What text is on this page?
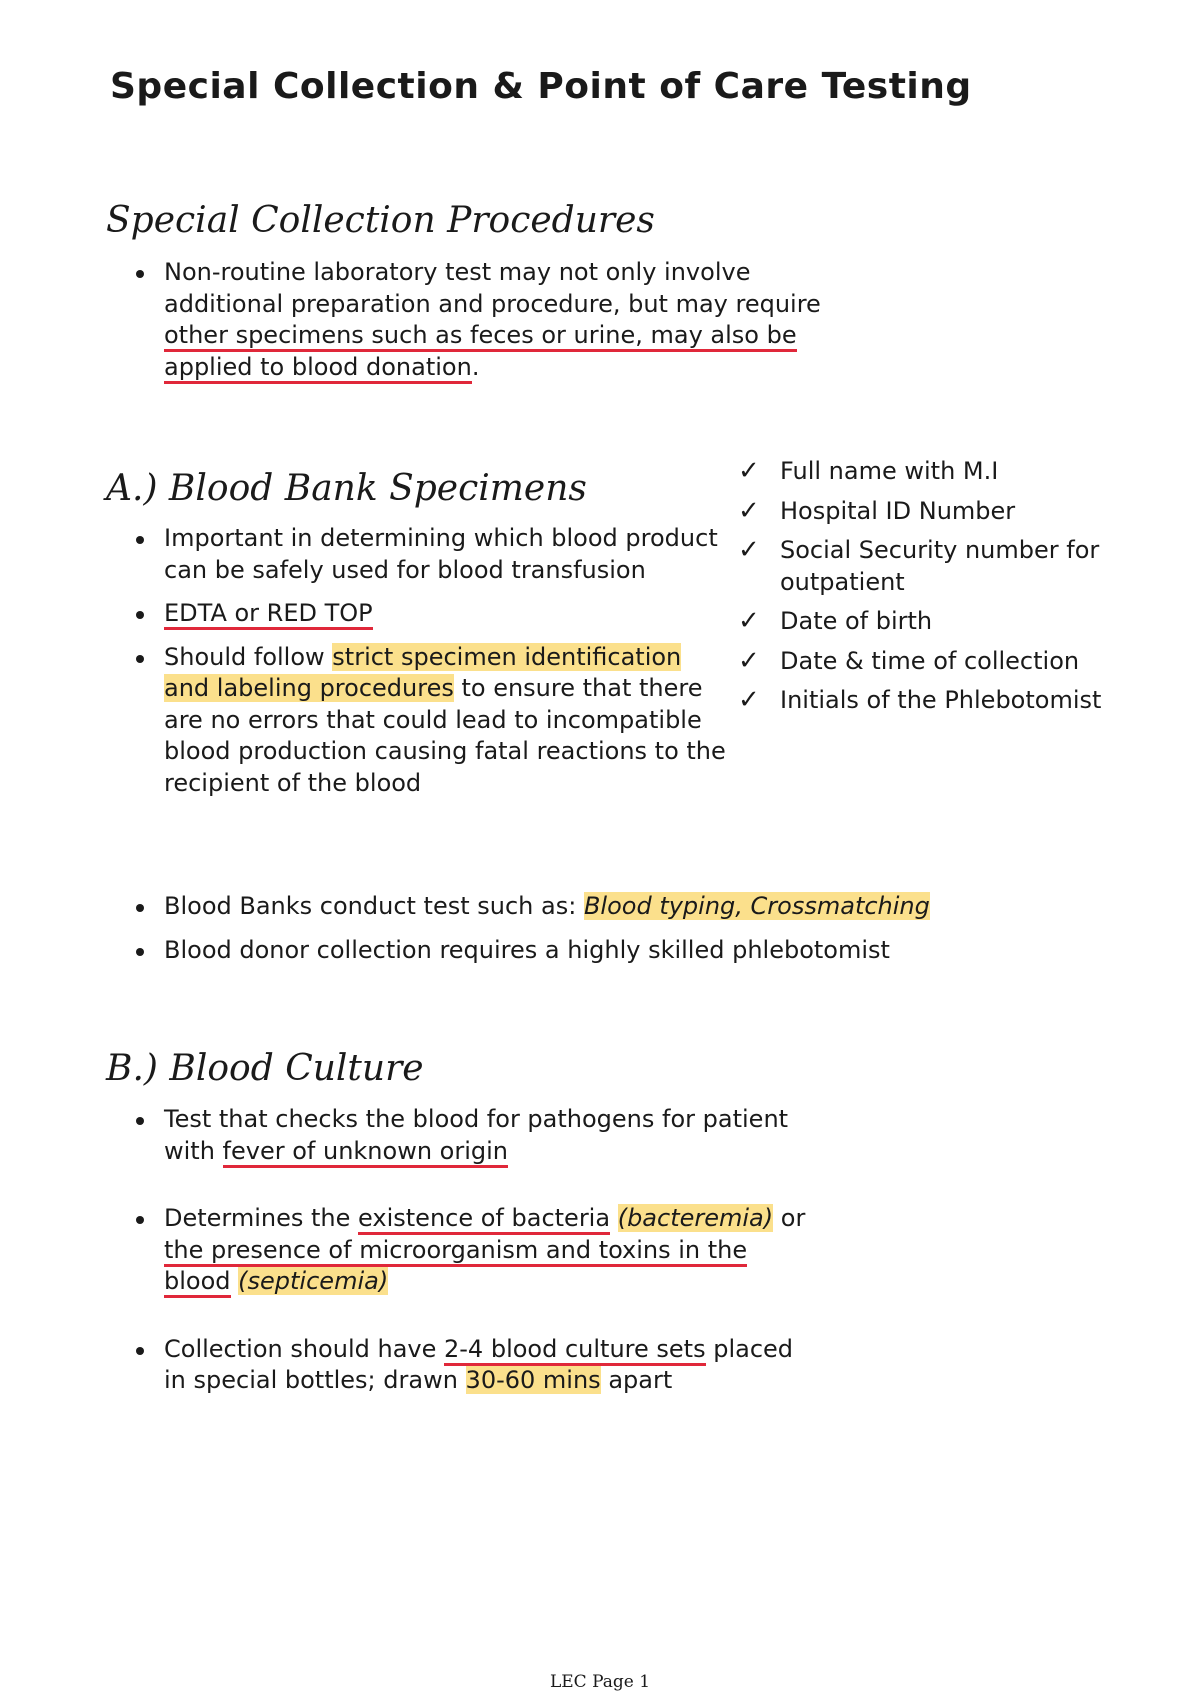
Special Collection & Point of Care Testing
Special Collection Procedures
Non-routine laboratory test may not only involve additional preparation and procedure, but may require other specimens such as feces or urine, may also be applied to blood donation.
A.) Blood Bank Specimens
Important in determining which blood product can be safely used for blood transfusion
EDTA or RED TOP
Should follow strict specimen identification and labeling procedures to ensure that there are no errors that could lead to incompatible blood production causing fatal reactions to the recipient of the blood
✓ Full name with M.I
✓ Hospital ID Number
✓ Social Security number for outpatient
✓ Date of birth
✓ Date & time of collection
✓ Initials of the Phlebotomist
Blood Banks conduct test such as: Blood typing, Crossmatching
Blood donor collection requires a highly skilled phlebotomist
B.) Blood Culture
Test that checks the blood for pathogens for patient with fever of unknown origin
Determines the existence of bacteria (bacteremia) or the presence of microorganism and toxins in the blood (septicemia)
Collection should have 2-4 blood culture sets placed in special bottles; drawn 30-60 mins apart
LEC Page 1
